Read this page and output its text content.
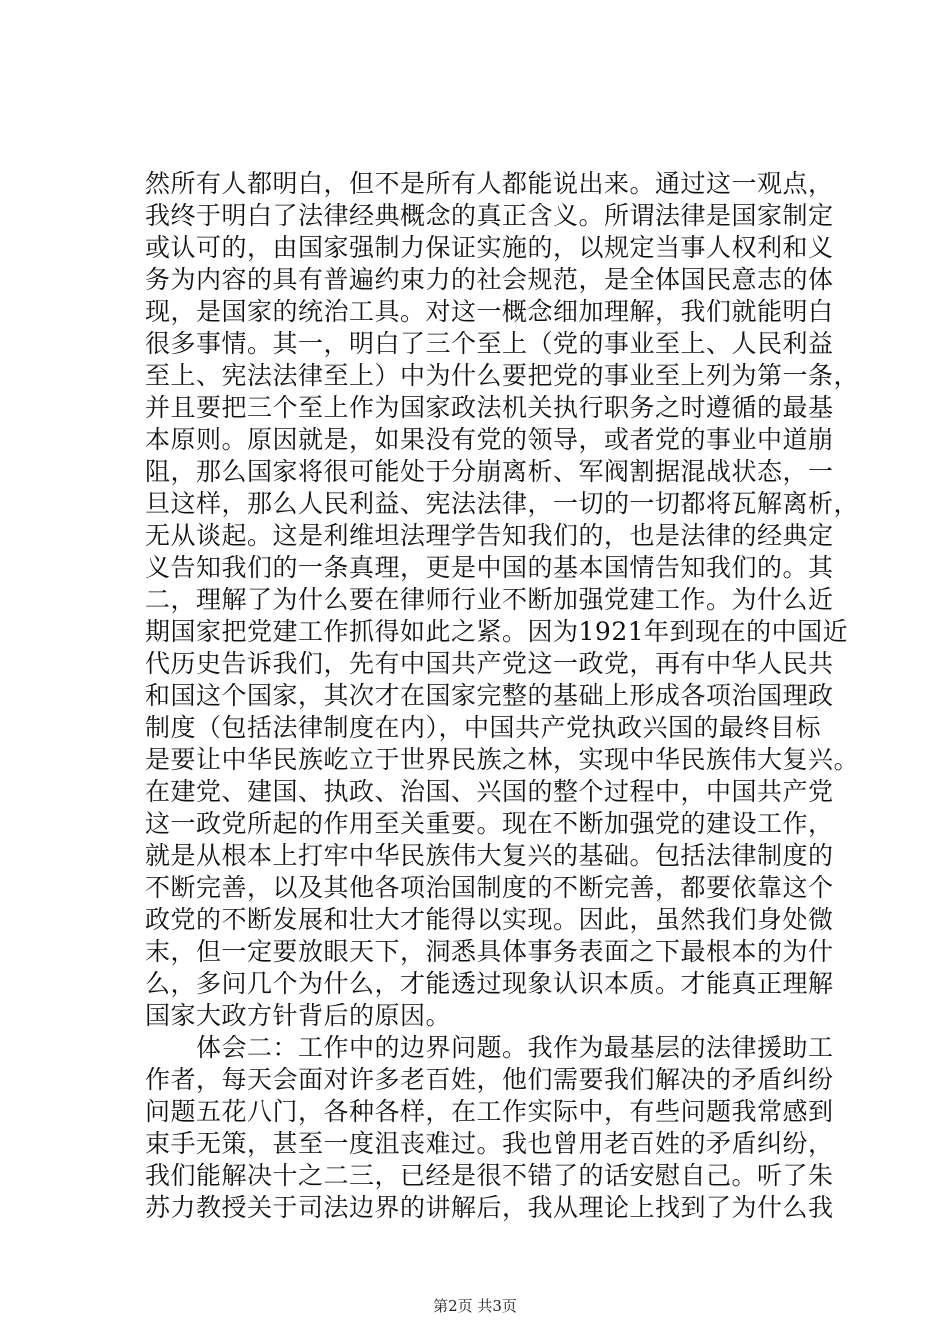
然所有人都明白，但不是所有人都能说出来。通过这一观点，
我终于明白了法律经典概念的真正含义。所谓法律是国家制定
或认可的，由国家强制力保证实施的，以规定当事人权利和义
务为内容的具有普遍约束力的社会规范，是全体国民意志的体
现，是国家的统治工具。对这一概念细加理解，我们就能明白
很多事情。其一，明白了三个至上（党的事业至上、人民利益
至上、宪法法律至上）中为什么要把党的事业至上列为第一条，
并且要把三个至上作为国家政法机关执行职务之时遵循的最基
本原则。原因就是，如果没有党的领导，或者党的事业中道崩
阻，那么国家将很可能处于分崩离析、军阀割据混战状态，一
旦这样，那么人民利益、宪法法律，一切的一切都将瓦解离析，
无从谈起。这是利维坦法理学告知我们的，也是法律的经典定
义告知我们的一条真理，更是中国的基本国情告知我们的。其
二，理解了为什么要在律师行业不断加强党建工作。为什么近
期国家把党建工作抓得如此之紧。因为1921年到现在的中国近
代历史告诉我们，先有中国共产党这一政党，再有中华人民共
和国这个国家，其次才在国家完整的基础上形成各项治国理政
制度（包括法律制度在内），中国共产党执政兴国的最终目标
是要让中华民族屹立于世界民族之林，实现中华民族伟大复兴。
在建党、建国、执政、治国、兴国的整个过程中，中国共产党
这一政党所起的作用至关重要。现在不断加强党的建设工作，
就是从根本上打牢中华民族伟大复兴的基础。包括法律制度的
不断完善，以及其他各项治国制度的不断完善，都要依靠这个
政党的不断发展和壮大才能得以实现。因此，虽然我们身处微
末，但一定要放眼天下，洞悉具体事务表面之下最根本的为什
么，多问几个为什么，才能透过现象认识本质。才能真正理解
国家大政方针背后的原因。
　　体会二：工作中的边界问题。我作为最基层的法律援助工
作者，每天会面对许多老百姓，他们需要我们解决的矛盾纠纷
问题五花八门，各种各样，在工作实际中，有些问题我常感到
束手无策，甚至一度沮丧难过。我也曾用老百姓的矛盾纠纷，
我们能解决十之二三，已经是很不错了的话安慰自己。听了朱
苏力教授关于司法边界的讲解后，我从理论上找到了为什么我
第2页 共3页
